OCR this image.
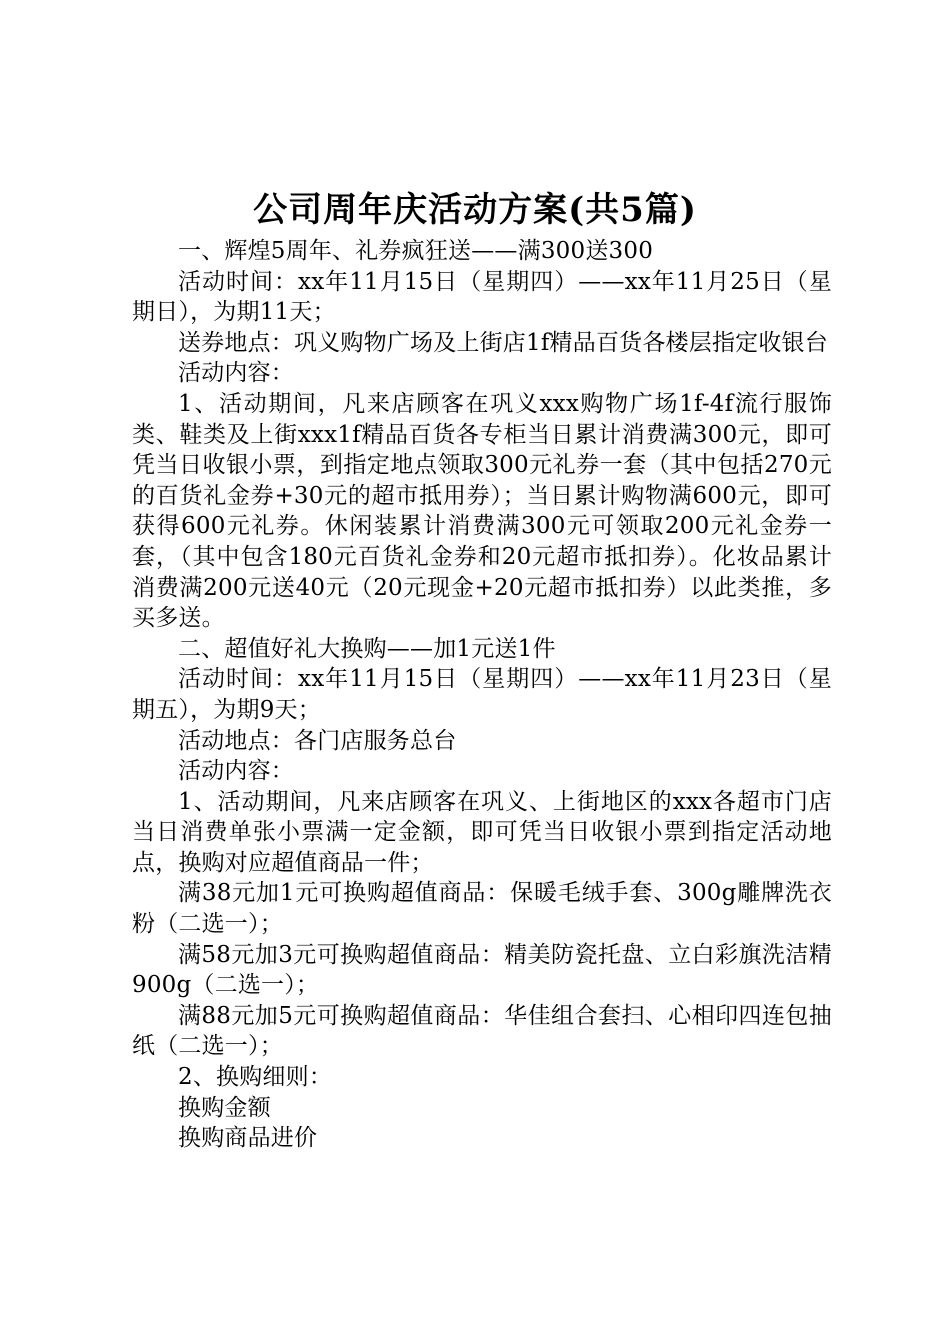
公司周年庆活动方案(共5篇)

一、辉煌5周年、礼券疯狂送——满300送300

活动时间：xx年11月15日（星期四）——xx年11月25日（星期日），为期11天；

送券地点：巩义购物广场及上街店1f精品百货各楼层指定收银台

活动内容：

1、活动期间，凡来店顾客在巩义xxx购物广场1f-4f流行服饰类、鞋类及上街xxx1f精品百货各专柜当日累计消费满300元，即可凭当日收银小票，到指定地点领取300元礼券一套（其中包括270元的百货礼金券+30元的超市抵用券）；当日累计购物满600元，即可获得600元礼券。休闲装累计消费满300元可领取200元礼金券一套，（其中包含180元百货礼金券和20元超市抵扣券）。化妆品累计消费满200元送40元（20元现金+20元超市抵扣券）以此类推，多买多送。

二、超值好礼大换购——加1元送1件

活动时间：xx年11月15日（星期四）——xx年11月23日（星期五），为期9天；

活动地点：各门店服务总台

活动内容：

1、活动期间，凡来店顾客在巩义、上街地区的xxx各超市门店当日消费单张小票满一定金额，即可凭当日收银小票到指定活动地点，换购对应超值商品一件；

满38元加1元可换购超值商品：保暖毛绒手套、300g雕牌洗衣粉（二选一）；

满58元加3元可换购超值商品：精美防瓷托盘、立白彩旗洗洁精900g（二选一）；

满88元加5元可换购超值商品：华佳组合套扫、心相印四连包抽纸（二选一）；

2、换购细则：

换购金额

换购商品进价
